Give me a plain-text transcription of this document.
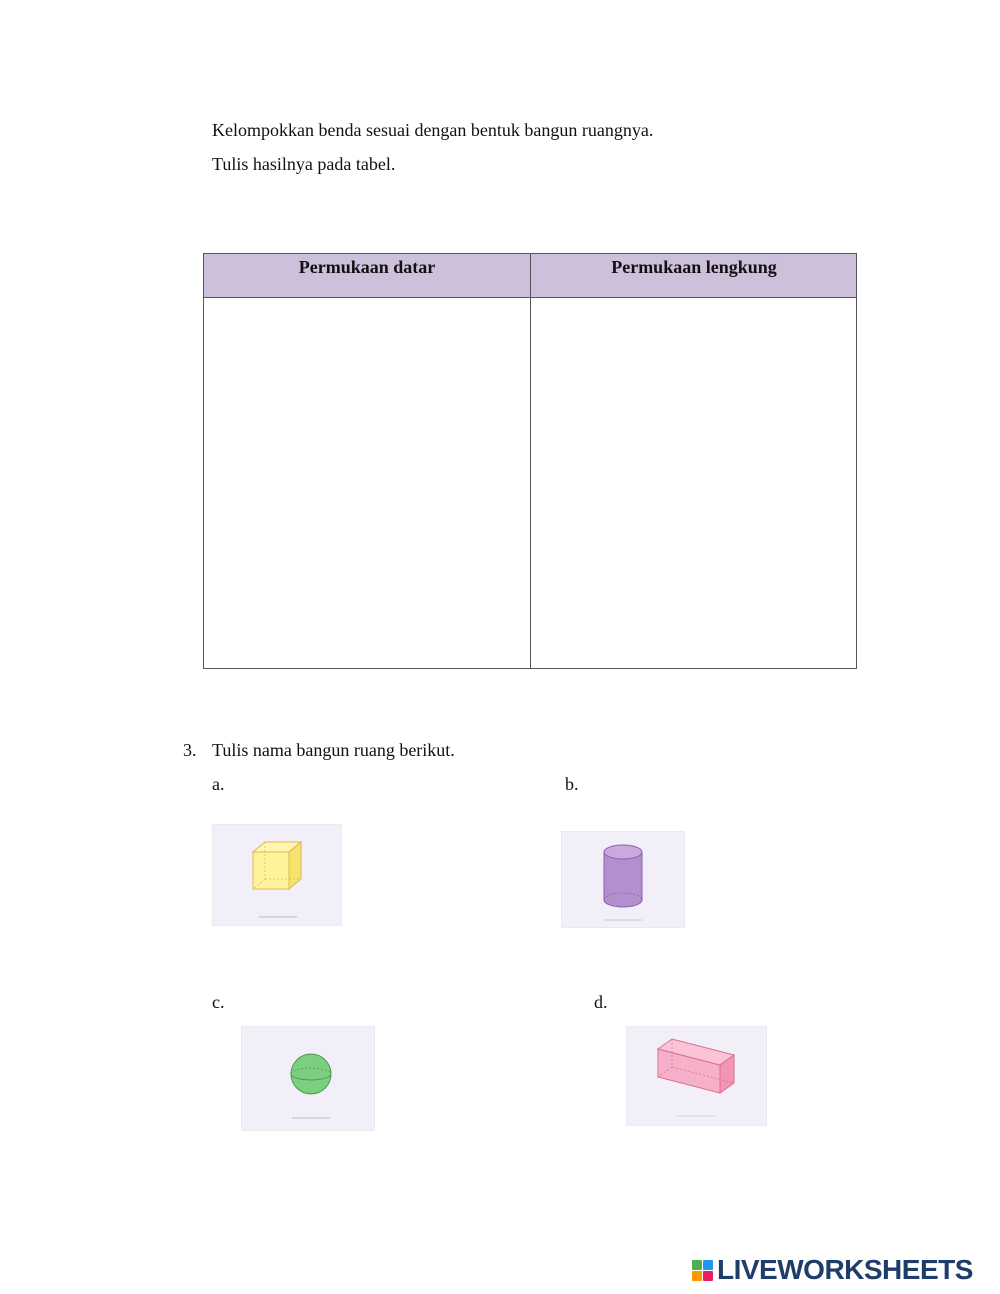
Kelompokkan benda sesuai dengan bentuk bangun ruangnya.
Tulis hasilnya pada tabel.
Permukaan datar	Permukaan lengkung
3. Tulis nama bangun ruang berikut.
a.	b.
c.	d.
LIVEWORKSHEETS
